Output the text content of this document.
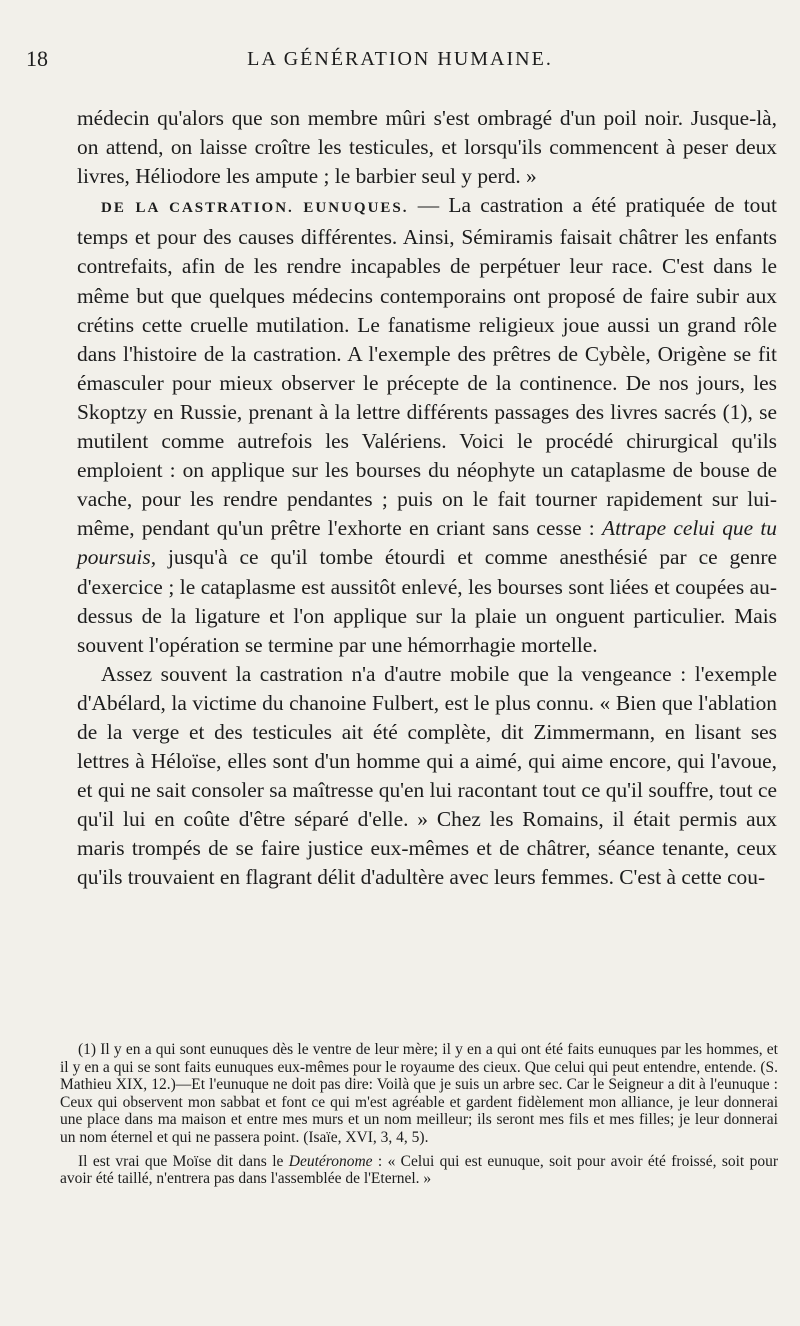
18	LA GÉNÉRATION HUMAINE.

médecin qu'alors que son membre mûri s'est ombragé d'un poil noir. Jusque-là, on attend, on laisse croître les testicules, et lorsqu'ils commencent à peser deux livres, Héliodore les ampute ; le barbier seul y perd. »

DE LA CASTRATION. EUNUQUES. — La castration a été pratiquée de tout temps et pour des causes différentes. Ainsi, Sémiramis faisait châtrer les enfants contrefaits, afin de les rendre incapables de perpétuer leur race. C'est dans le même but que quelques médecins contemporains ont proposé de faire subir aux crétins cette cruelle mutilation. Le fanatisme religieux joue aussi un grand rôle dans l'histoire de la castration. A l'exemple des prêtres de Cybèle, Origène se fit émasculer pour mieux observer le précepte de la continence. De nos jours, les Skoptzy en Russie, prenant à la lettre différents passages des livres sacrés (1), se mutilent comme autrefois les Valériens. Voici le procédé chirurgical qu'ils emploient : on applique sur les bourses du néophyte un cataplasme de bouse de vache, pour les rendre pendantes ; puis on le fait tourner rapidement sur lui-même, pendant qu'un prêtre l'exhorte en criant sans cesse : Attrape celui que tu poursuis, jusqu'à ce qu'il tombe étourdi et comme anesthésié par ce genre d'exercice ; le cataplasme est aussitôt enlevé, les bourses sont liées et coupées au-dessus de la ligature et l'on applique sur la plaie un onguent particulier. Mais souvent l'opération se termine par une hémorrhagie mortelle.

Assez souvent la castration n'a d'autre mobile que la vengeance : l'exemple d'Abélard, la victime du chanoine Fulbert, est le plus connu. « Bien que l'ablation de la verge et des testicules ait été complète, dit Zimmermann, en lisant ses lettres à Héloïse, elles sont d'un homme qui a aimé, qui aime encore, qui l'avoue, et qui ne sait consoler sa maîtresse qu'en lui racontant tout ce qu'il souffre, tout ce qu'il lui en coûte d'être séparé d'elle. » Chez les Romains, il était permis aux maris trompés de se faire justice eux-mêmes et de châtrer, séance tenante, ceux qu'ils trouvaient en flagrant délit d'adultère avec leurs femmes. C'est à cette cou-

(1) Il y en a qui sont eunuques dès le ventre de leur mère; il y en a qui ont été faits eunuques par les hommes, et il y en a qui se sont faits eunuques eux-mêmes pour le royaume des cieux. Que celui qui peut entendre, entende. (S. Mathieu XIX, 12.)—Et l'eunuque ne doit pas dire: Voilà que je suis un arbre sec. Car le Seigneur a dit à l'eunuque : Ceux qui observent mon sabbat et font ce qui m'est agréable et gardent fidèlement mon alliance, je leur donnerai une place dans ma maison et entre mes murs et un nom meilleur; ils seront mes fils et mes filles; je leur donnerai un nom éternel et qui ne passera point. (Isaïe, XVI, 3, 4, 5).

Il est vrai que Moïse dit dans le Deutéronome : « Celui qui est eunuque, soit pour avoir été froissé, soit pour avoir été taillé, n'entrera pas dans l'assemblée de l'Eternel. »
